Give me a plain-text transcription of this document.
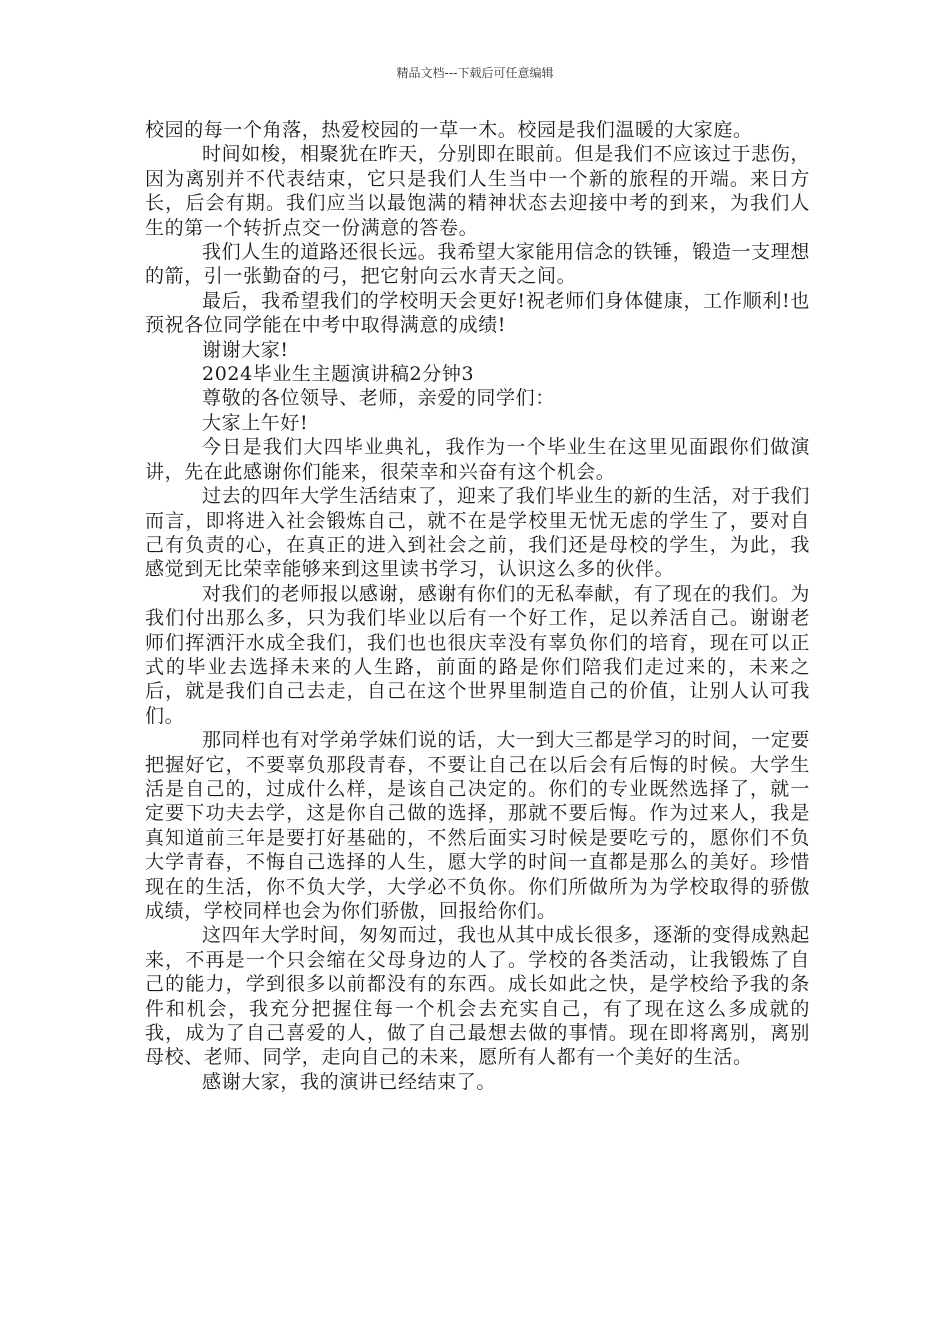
精品文档---下载后可任意编辑

校园的每一个角落，热爱校园的一草一木。校园是我们温暖的大家庭。

时间如梭，相聚犹在昨天，分别即在眼前。但是我们不应该过于悲伤，因为离别并不代表结束，它只是我们人生当中一个新的旅程的开端。来日方长，后会有期。我们应当以最饱满的精神状态去迎接中考的到来，为我们人生的第一个转折点交一份满意的答卷。

我们人生的道路还很长远。我希望大家能用信念的铁锤，锻造一支理想的箭，引一张勤奋的弓，把它射向云水青天之间。

最后，我希望我们的学校明天会更好!祝老师们身体健康，工作顺利!也预祝各位同学能在中考中取得满意的成绩!

谢谢大家!

2024毕业生主题演讲稿2分钟3

尊敬的各位领导、老师，亲爱的同学们：

大家上午好!

今日是我们大四毕业典礼，我作为一个毕业生在这里见面跟你们做演讲，先在此感谢你们能来，很荣幸和兴奋有这个机会。

过去的四年大学生活结束了，迎来了我们毕业生的新的生活，对于我们而言，即将进入社会锻炼自己，就不在是学校里无忧无虑的学生了，要对自己有负责的心，在真正的进入到社会之前，我们还是母校的学生，为此，我感觉到无比荣幸能够来到这里读书学习，认识这么多的伙伴。

对我们的老师报以感谢，感谢有你们的无私奉献，有了现在的我们。为我们付出那么多，只为我们毕业以后有一个好工作，足以养活自己。谢谢老师们挥洒汗水成全我们，我们也也很庆幸没有辜负你们的培育，现在可以正式的毕业去选择未来的人生路，前面的路是你们陪我们走过来的，未来之后，就是我们自己去走，自己在这个世界里制造自己的价值，让别人认可我们。

那同样也有对学弟学妹们说的话，大一到大三都是学习的时间，一定要把握好它，不要辜负那段青春，不要让自己在以后会有后悔的时候。大学生活是自己的，过成什么样，是该自己决定的。你们的专业既然选择了，就一定要下功夫去学，这是你自己做的选择，那就不要后悔。作为过来人，我是真知道前三年是要打好基础的，不然后面实习时候是要吃亏的，愿你们不负大学青春，不悔自己选择的人生，愿大学的时间一直都是那么的美好。珍惜现在的生活，你不负大学，大学必不负你。你们所做所为为学校取得的骄傲成绩，学校同样也会为你们骄傲，回报给你们。

这四年大学时间，匆匆而过，我也从其中成长很多，逐渐的变得成熟起来，不再是一个只会缩在父母身边的人了。学校的各类活动，让我锻炼了自己的能力，学到很多以前都没有的东西。成长如此之快，是学校给予我的条件和机会，我充分把握住每一个机会去充实自己，有了现在这么多成就的我，成为了自己喜爱的人，做了自己最想去做的事情。现在即将离别，离别母校、老师、同学，走向自己的未来，愿所有人都有一个美好的生活。

感谢大家，我的演讲已经结束了。
